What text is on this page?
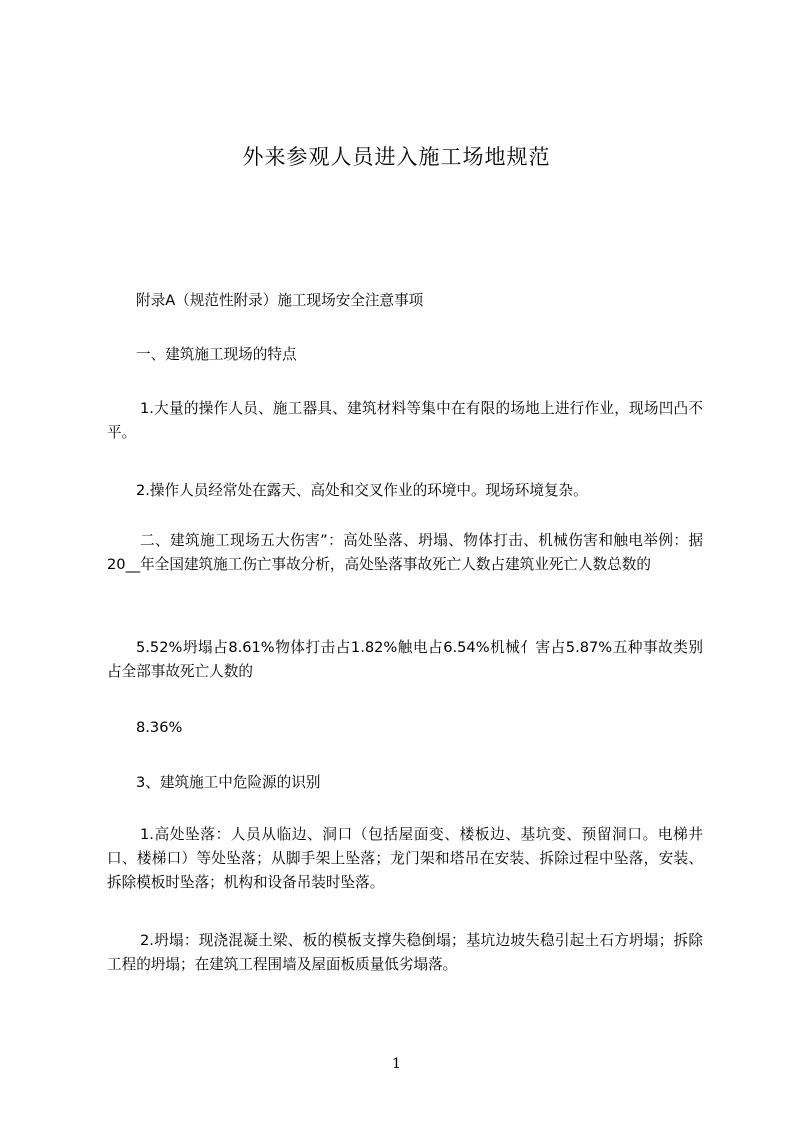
外来参观人员进入施工场地规范
附录A（规范性附录）施工现场安全注意事项
一、建筑施工现场的特点
1.大量的操作人员、施工器具、建筑材料等集中在有限的场地上进行作业，现场凹凸不平。
2.操作人员经常处在露天、高处和交叉作业的环境中。现场环境复杂。
二、建筑施工现场五大伤害”：高处坠落、坍塌、物体打击、机械伤害和触电举例：据20__年全国建筑施工伤亡事故分析，高处坠落事故死亡人数占建筑业死亡人数总数的
5.52%坍塌占8.61%物体打击占1.82%触电占6.54%机械亻害占5.87%五种事故类别占全部事故死亡人数的
8.36%
3、建筑施工中危险源的识别
1.高处坠落：人员从临边、洞口（包括屋面变、楼板边、基坑变、预留洞口。电梯井口、楼梯口）等处坠落；从脚手架上坠落；龙门架和塔吊在安装、拆除过程中坠落，安装、拆除模板时坠落；机构和设备吊装时坠落。
2.坍塌：现浇混凝土梁、板的模板支撑失稳倒塌；基坑边坡失稳引起土石方坍塌；拆除工程的坍塌；在建筑工程围墙及屋面板质量低劣塌落。
1
